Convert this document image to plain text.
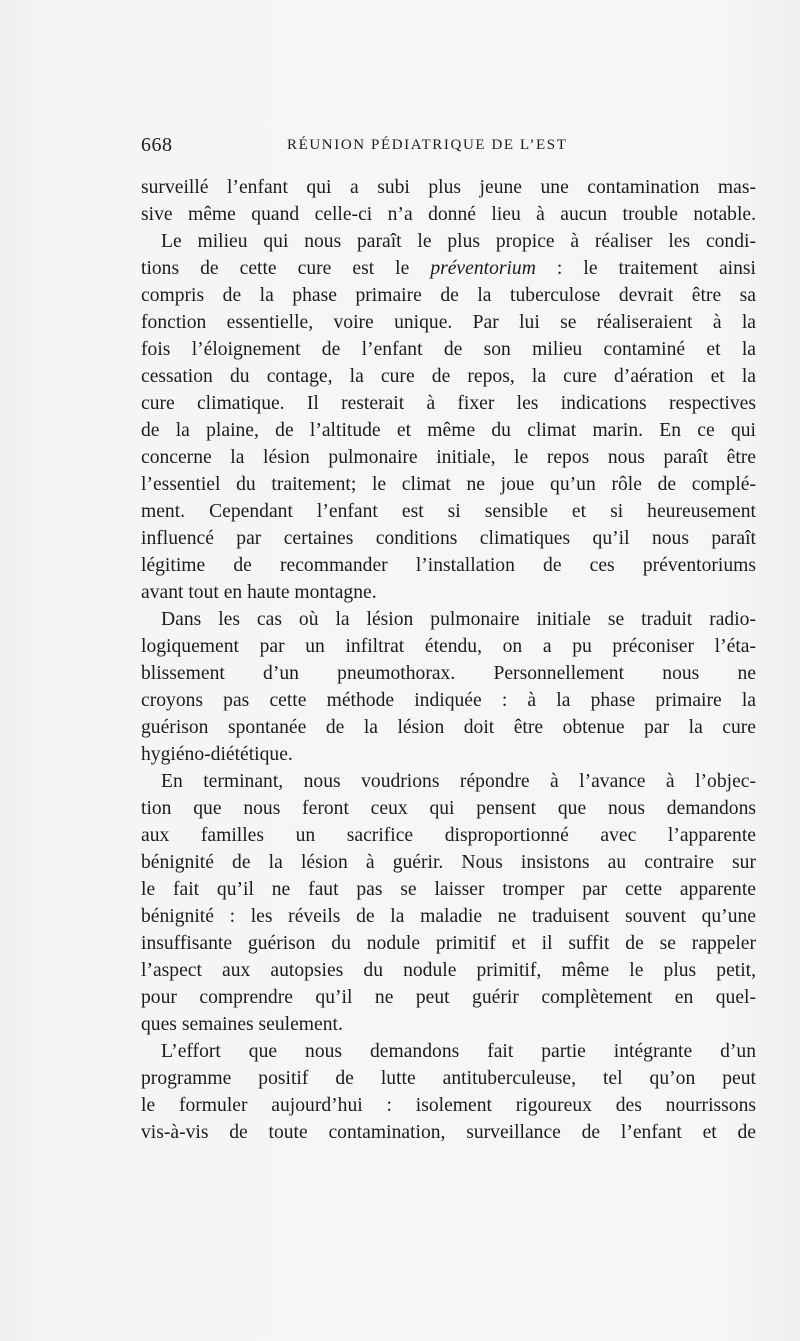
668	RÉUNION PÉDIATRIQUE DE L’EST
surveillé l’enfant qui a subi plus jeune une contamination mas-
sive même quand celle-ci n’a donné lieu à aucun trouble notable.
Le milieu qui nous paraît le plus propice à réaliser les condi-
tions de cette cure est le préventorium : le traitement ainsi
compris de la phase primaire de la tuberculose devrait être sa
fonction essentielle, voire unique. Par lui se réaliseraient à la
fois l’éloignement de l’enfant de son milieu contaminé et la
cessation du contage, la cure de repos, la cure d’aération et la
cure climatique. Il resterait à fixer les indications respectives
de la plaine, de l’altitude et même du climat marin. En ce qui
concerne la lésion pulmonaire initiale, le repos nous paraît être
l’essentiel du traitement; le climat ne joue qu’un rôle de complé-
ment. Cependant l’enfant est si sensible et si heureusement
influencé par certaines conditions climatiques qu’il nous paraît
légitime de recommander l’installation de ces préventoriums
avant tout en haute montagne.
Dans les cas où la lésion pulmonaire initiale se traduit radio-
logiquement par un infiltrat étendu, on a pu préconiser l’éta-
blissement d’un pneumothorax. Personnellement nous ne
croyons pas cette méthode indiquée : à la phase primaire la
guérison spontanée de la lésion doit être obtenue par la cure
hygiéno-diététique.
En terminant, nous voudrions répondre à l’avance à l’objec-
tion que nous feront ceux qui pensent que nous demandons
aux familles un sacrifice disproportionné avec l’apparente
bénignité de la lésion à guérir. Nous insistons au contraire sur
le fait qu’il ne faut pas se laisser tromper par cette apparente
bénignité : les réveils de la maladie ne traduisent souvent qu’une
insuffisante guérison du nodule primitif et il suffit de se rappeler
l’aspect aux autopsies du nodule primitif, même le plus petit,
pour comprendre qu’il ne peut guérir complètement en quel-
ques semaines seulement.
L’effort que nous demandons fait partie intégrante d’un
programme positif de lutte antituberculeuse, tel qu’on peut
le formuler aujourd’hui : isolement rigoureux des nourrissons
vis-à-vis de toute contamination, surveillance de l’enfant et de
